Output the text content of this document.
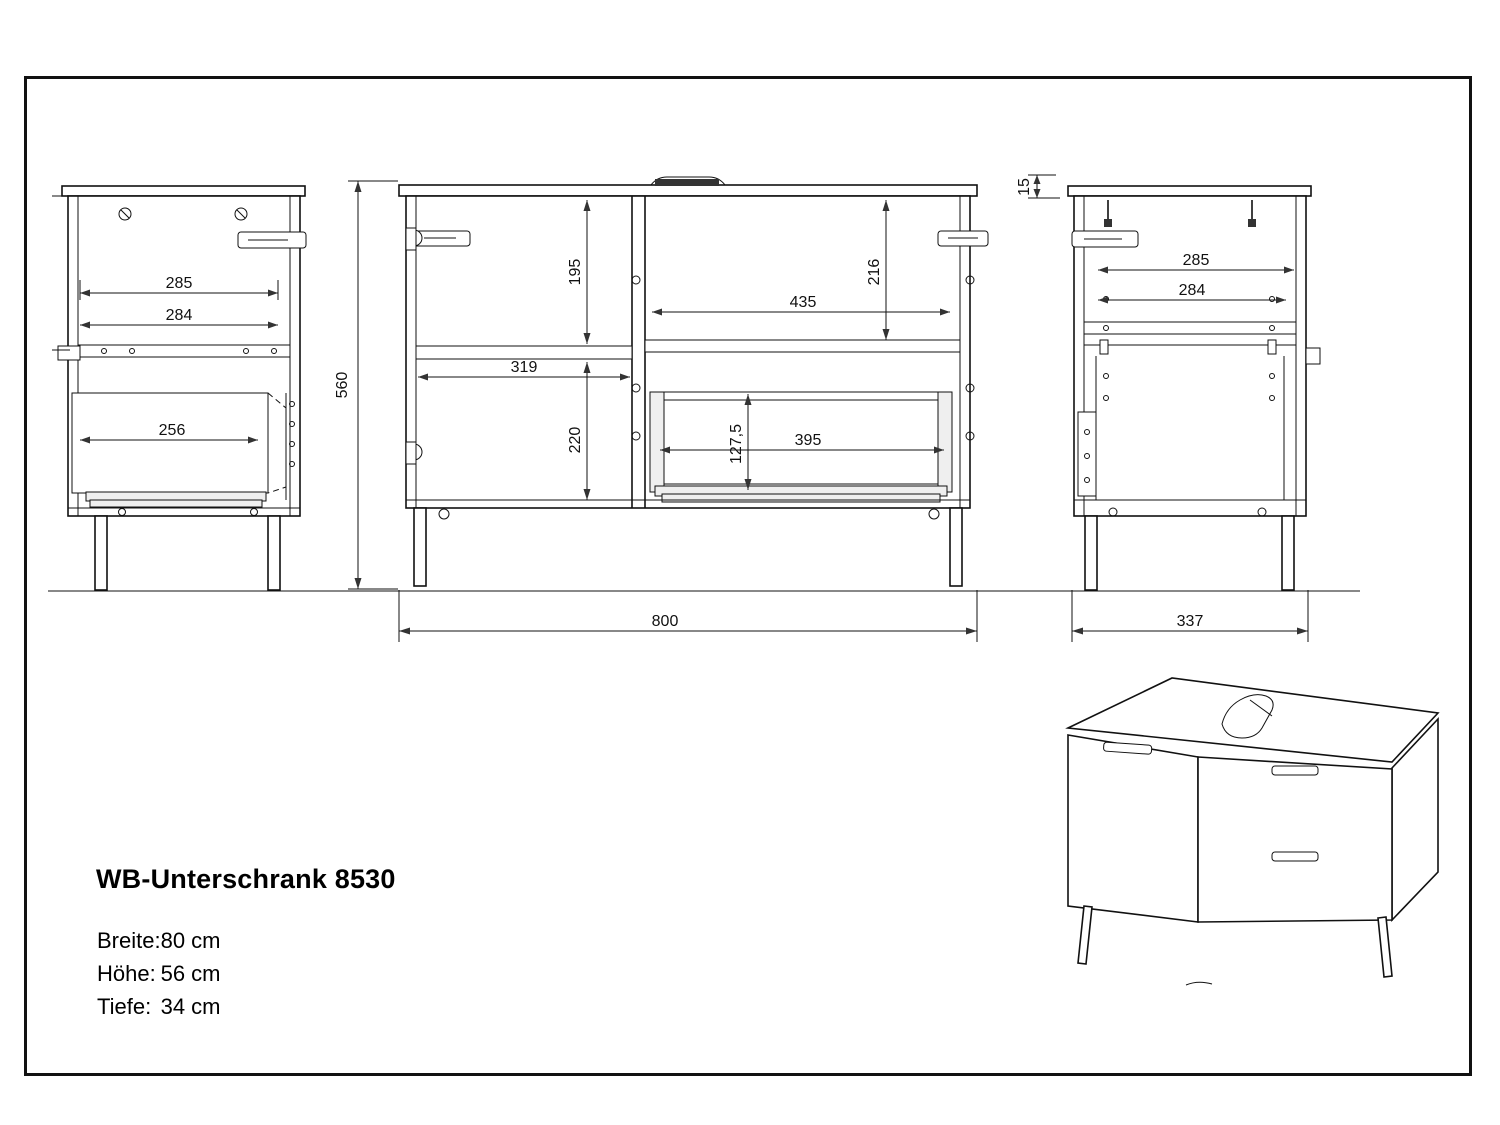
285
284
256
560
195
220
216
435
319
127,5	395
800
15
285
284
337
WB-Unterschrank 8530
Breite:	80 cm
Höhe:	56 cm
Tiefe:	34 cm
